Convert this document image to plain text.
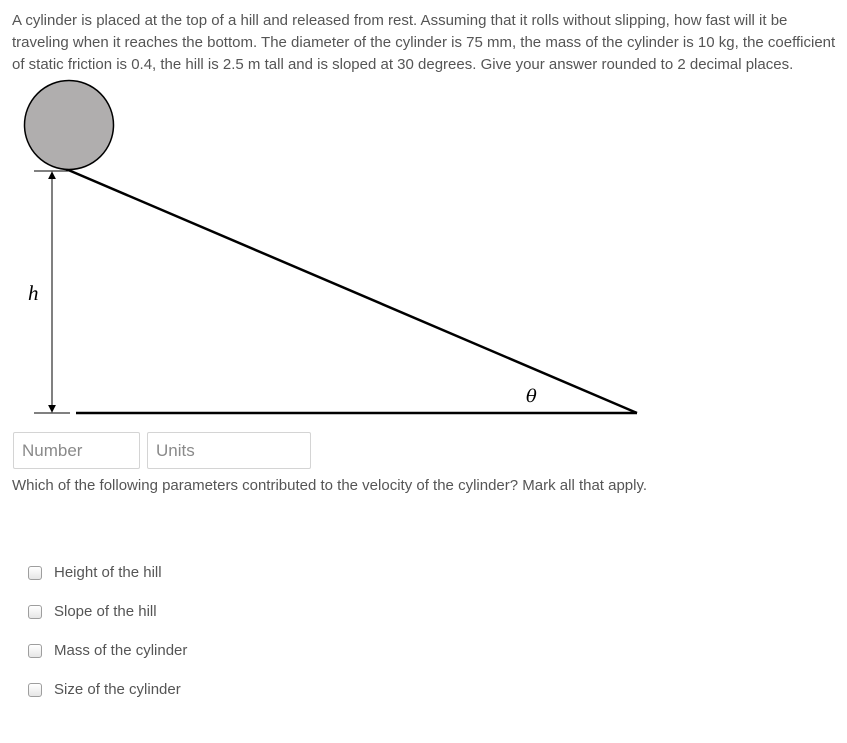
A cylinder is placed at the top of a hill and released from rest. Assuming that it rolls without slipping, how fast will it be traveling when it reaches the bottom. The diameter of the cylinder is 75 mm, the mass of the cylinder is 10 kg, the coefficient of static friction is 0.4, the hill is 2.5 m tall and is sloped at 30 degrees. Give your answer rounded to 2 decimal places.

h
θ
Number
Units

Which of the following parameters contributed to the velocity of the cylinder? Mark all that apply.

Height of the hill
Slope of the hill
Mass of the cylinder
Size of the cylinder
